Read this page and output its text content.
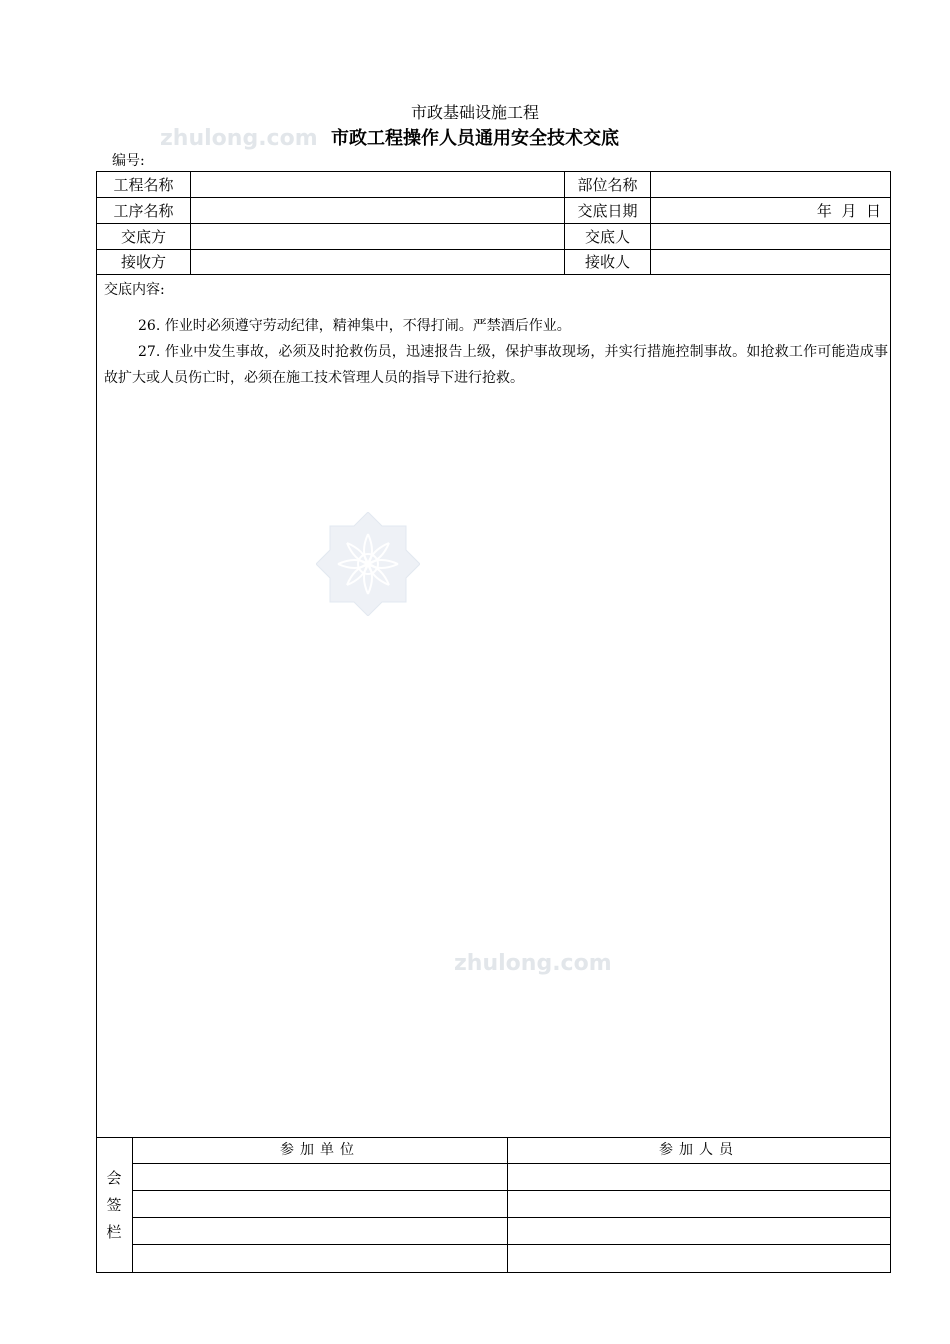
市政基础设施工程
市政工程操作人员通用安全技术交底
zhulong.com
编号:
工程名称	部位名称
工序名称	交底日期	年  月  日
交底方	交底人
接收方	接收人
交底内容:
26. 作业时必须遵守劳动纪律，精神集中，不得打闹。严禁酒后作业。
27. 作业中发生事故，必须及时抢救伤员，迅速报告上级，保护事故现场，并实行措施控制事故。如抢救工作可能造成事故扩大或人员伤亡时，必须在施工技术管理人员的指导下进行抢救。
zhulong.com
会
签
栏
参加单位	参加人员
